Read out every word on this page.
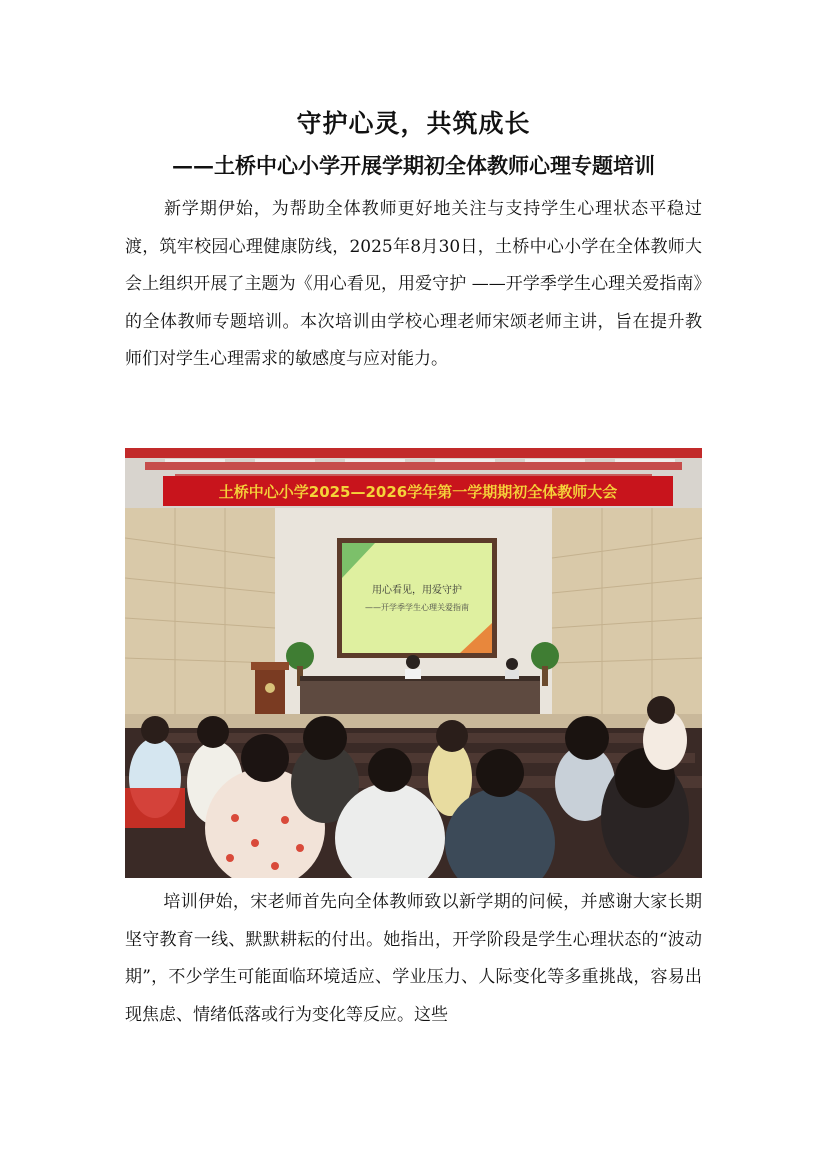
守护心灵，共筑成长
——土桥中心小学开展学期初全体教师心理专题培训

新学期伊始，为帮助全体教师更好地关注与支持学生心理状态平稳过渡，筑牢校园心理健康防线，2025年8月30日，土桥中心小学在全体教师大会上组织开展了主题为《用心看见，用爱守护 ——开学季学生心理关爱指南》的全体教师专题培训。本次培训由学校心理老师宋颂老师主讲，旨在提升教师们对学生心理需求的敏感度与应对能力。

土桥中心小学2025—2026学年第一学期期初全体教师大会
用心看见，用爱守护
——开学季学生心理关爱指南

培训伊始，宋老师首先向全体教师致以新学期的问候，并感谢大家长期坚守教育一线、默默耕耘的付出。她指出，开学阶段是学生心理状态的“波动期”，不少学生可能面临环境适应、学业压力、人际变化等多重挑战，容易出现焦虑、情绪低落或行为变化等反应。这些
